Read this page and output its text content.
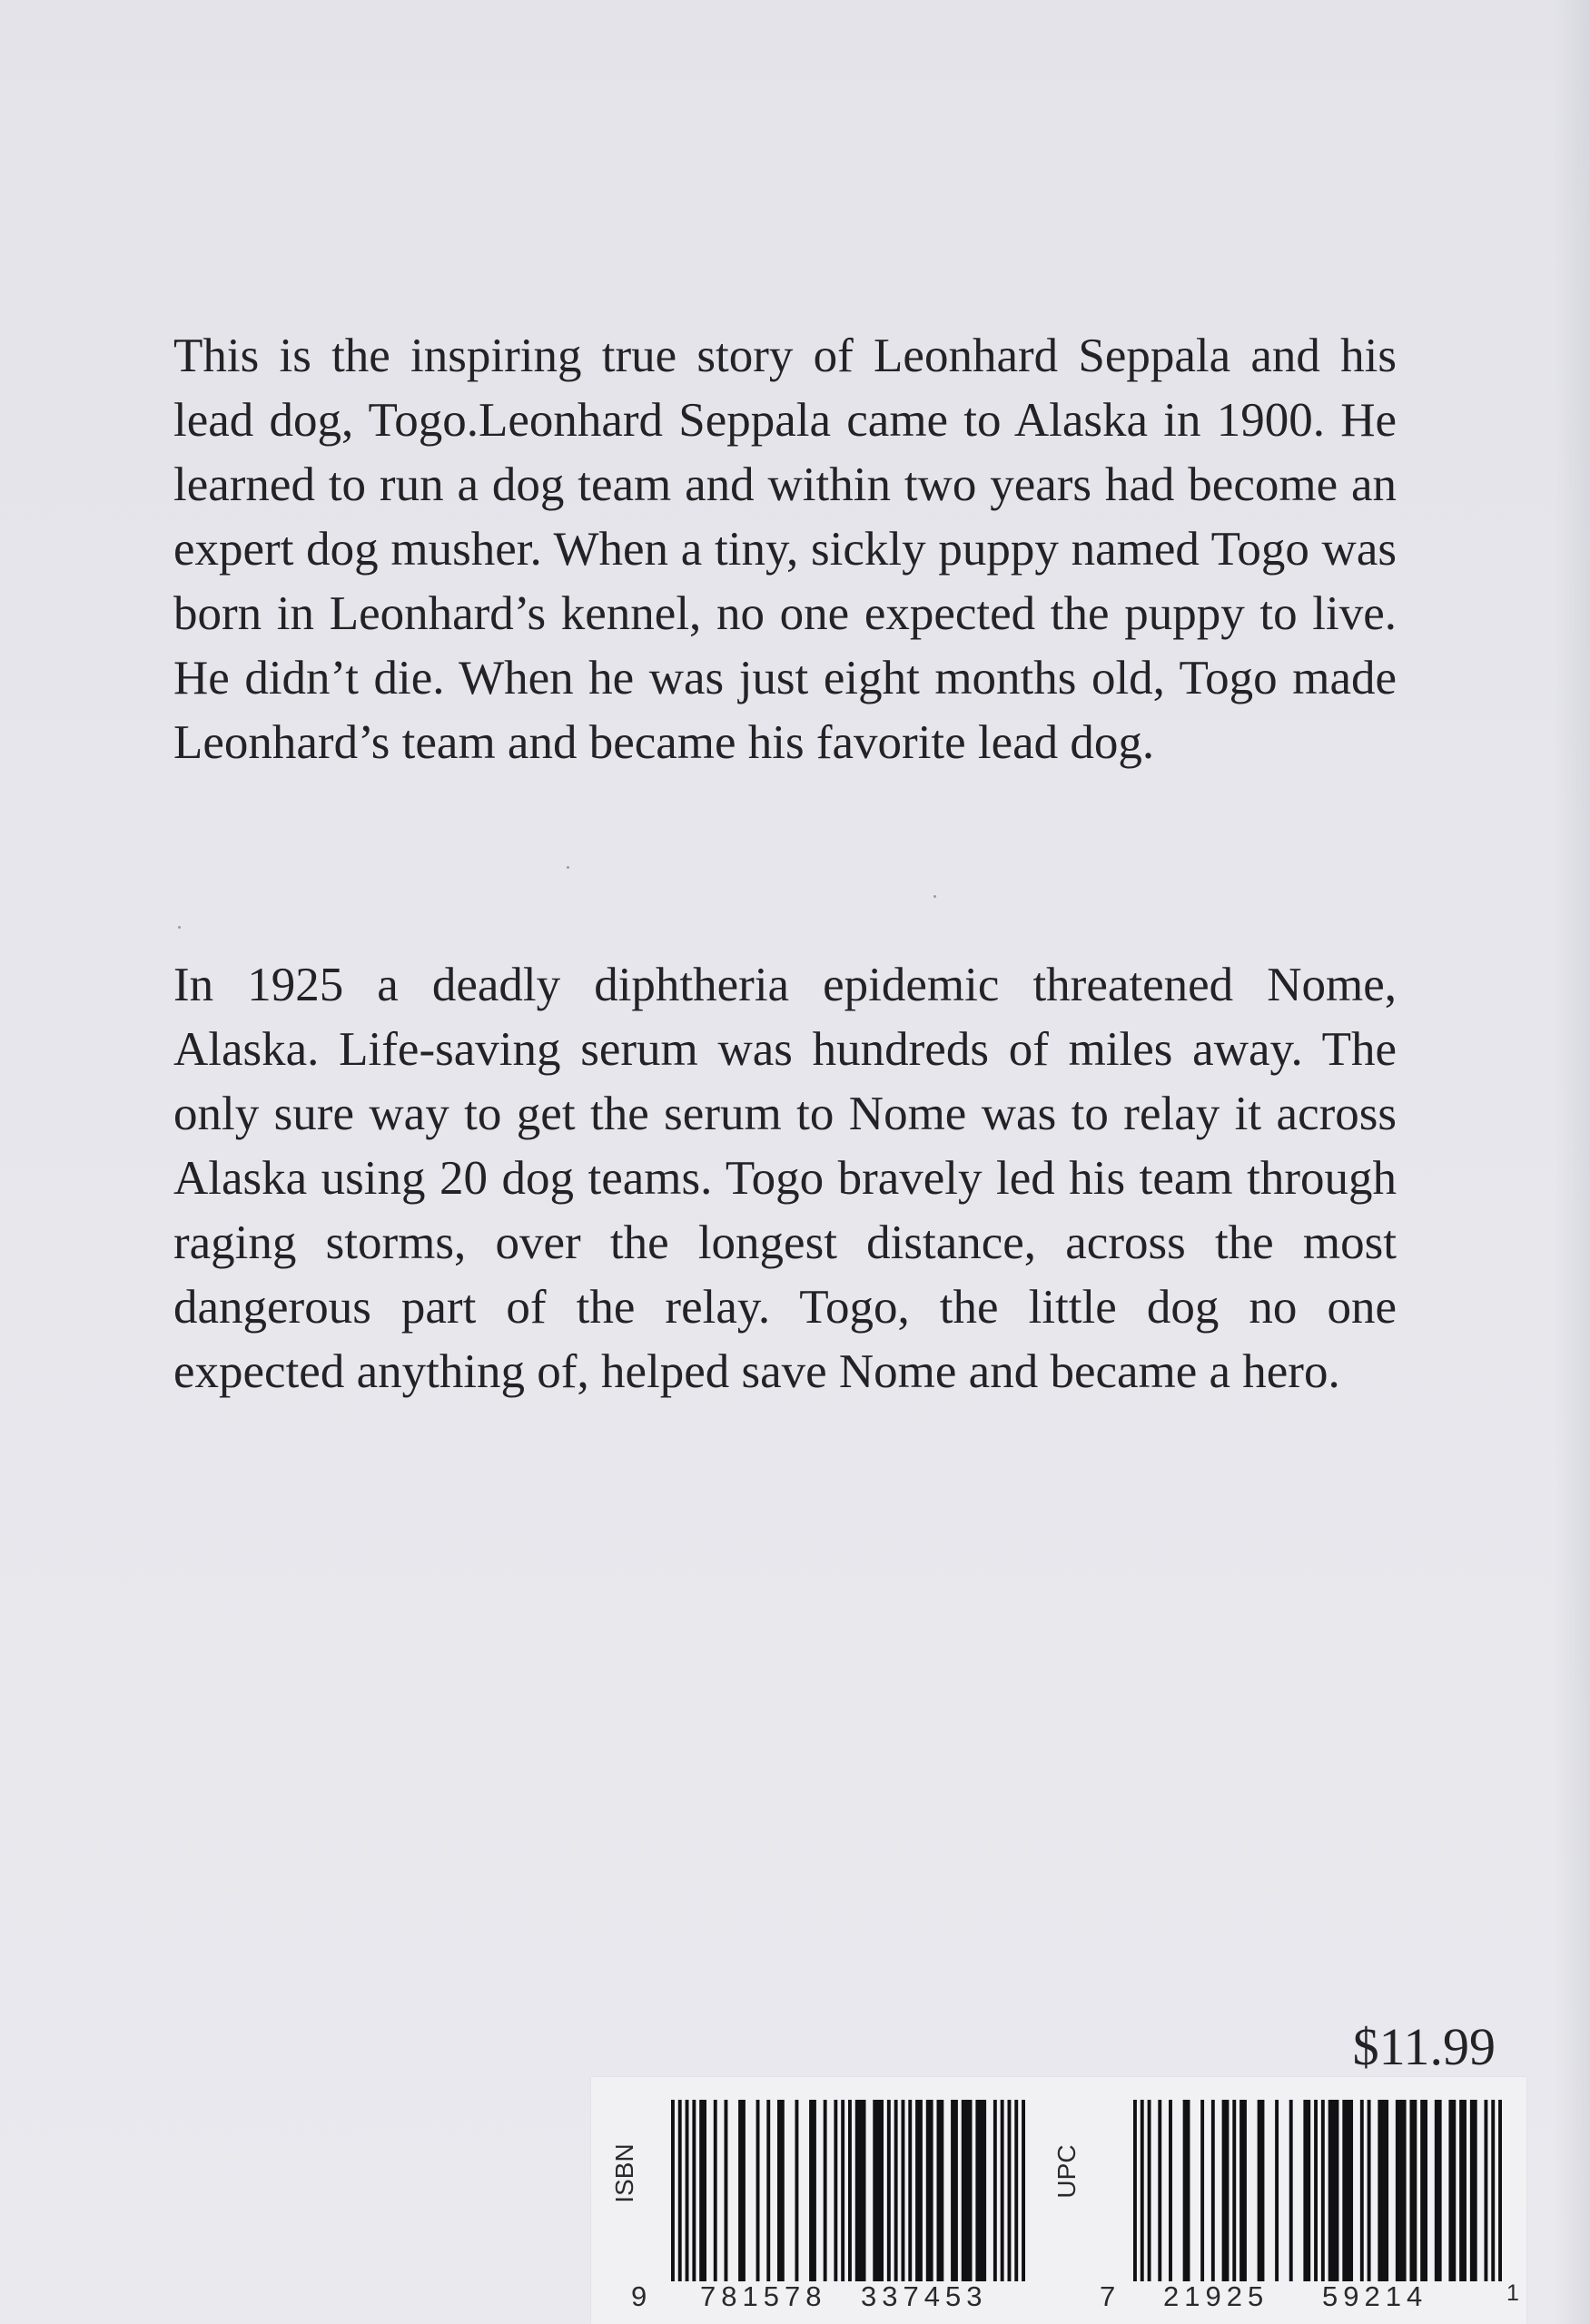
This is the inspiring true story of Leonhard Seppala and his lead dog, Togo.Leonhard Seppala came to Alaska in 1900. He learned to run a dog team and within two years had become an expert dog musher. When a tiny, sickly puppy named Togo was born in Leonhard’s kennel, no one expected the puppy to live. He didn’t die. When he was just eight months old, Togo made Leonhard’s team and became his favorite lead dog.

In 1925 a deadly diphtheria epidemic threatened Nome, Alaska. Life-saving serum was hundreds of miles away. The only sure way to get the serum to Nome was to relay it across Alaska using 20 dog teams. Togo bravely led his team through raging storms, over the longest distance, across the most dangerous part of the relay. Togo, the little dog no one expected anything of, helped save Nome and became a hero.

$11.99

ISBN	UPC

9 781578 337453	7 21925 59214	1
